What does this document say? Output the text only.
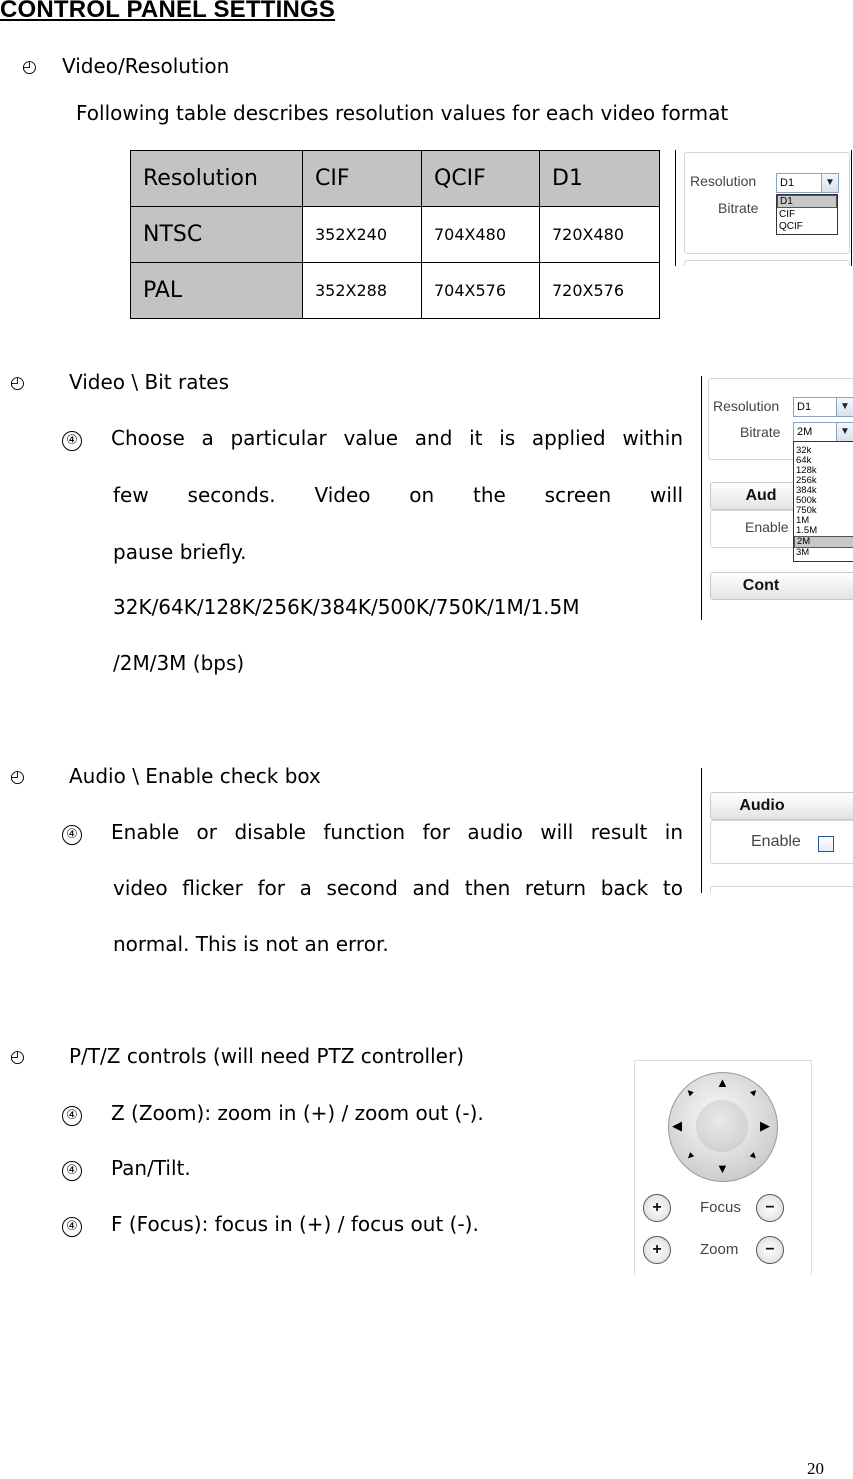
CONTROL PANEL SETTINGS
◴ Video/Resolution
Following table describes resolution values for each video format
Resolution	CIF	QCIF	D1
NTSC	352X240	704X480	720X480
PAL	352X288	704X576	720X576
Resolution	D1	▼
Bitrate	D1
CIF
QCIF
◴ Video \ Bit rates
④ Choose a particular value and it is applied within
few seconds. Video on the screen will
pause briefly.
32K/64K/128K/256K/384K/500K/750K/1M/1.5M
/2M/3M (bps)
Resolution	D1	▼
Bitrate	2M	▼
Aud
Enable
Cont
32k
64k
128k
256k
384k
500k
750k
1M
1.5M
2M
3M
◴ Audio \ Enable check box
④ Enable or disable function for audio will result in
video flicker for a second and then return back to
normal. This is not an error.
Audio
Enable
◴ P/T/Z controls (will need PTZ controller)
④ Z (Zoom): zoom in (+) / zoom out (-).
④ Pan/Tilt.
④ F (Focus): focus in (+) / focus out (-).
▲
▼
◀	▶
▲	▲
▼	▼
+	Focus	−
+	Zoom	−
20
